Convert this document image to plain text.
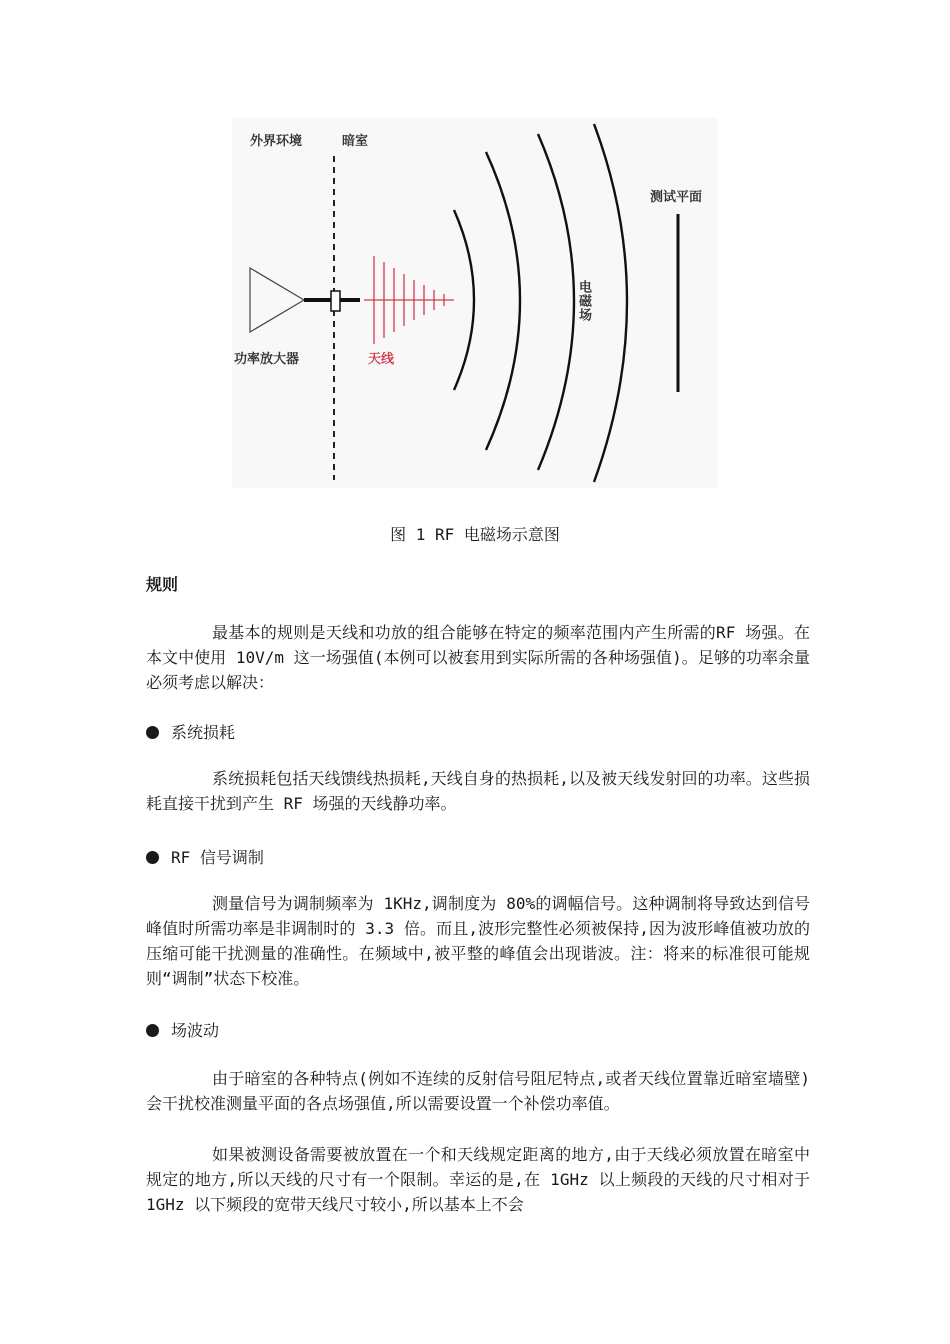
外界环境	暗室
功率放大器	天线
电磁场
测试平面
图 1 RF 电磁场示意图
规则

最基本的规则是天线和功放的组合能够在特定的频率范围内产生所需的RF 场强。在本文中使用 10V/m 这一场强值(本例可以被套用到实际所需的各种场强值)。足够的功率余量必须考虑以解决：

系统损耗

系统损耗包括天线馈线热损耗,天线自身的热损耗,以及被天线发射回的功率。这些损耗直接干扰到产生 RF 场强的天线静功率。

RF 信号调制

测量信号为调制频率为 1KHz,调制度为 80%的调幅信号。这种调制将导致达到信号峰值时所需功率是非调制时的 3.3 倍。而且,波形完整性必须被保持,因为波形峰值被功放的压缩可能干扰测量的准确性。在频域中,被平整的峰值会出现谐波。注：将来的标准很可能规则“调制”状态下校准。

场波动

由于暗室的各种特点(例如不连续的反射信号阻尼特点,或者天线位置靠近暗室墙壁)会干扰校准测量平面的各点场强值,所以需要设置一个补偿功率值。

如果被测设备需要被放置在一个和天线规定距离的地方,由于天线必须放置在暗室中规定的地方,所以天线的尺寸有一个限制。幸运的是,在 1GHz 以上频段的天线的尺寸相对于 1GHz 以下频段的宽带天线尺寸较小,所以基本上不会
